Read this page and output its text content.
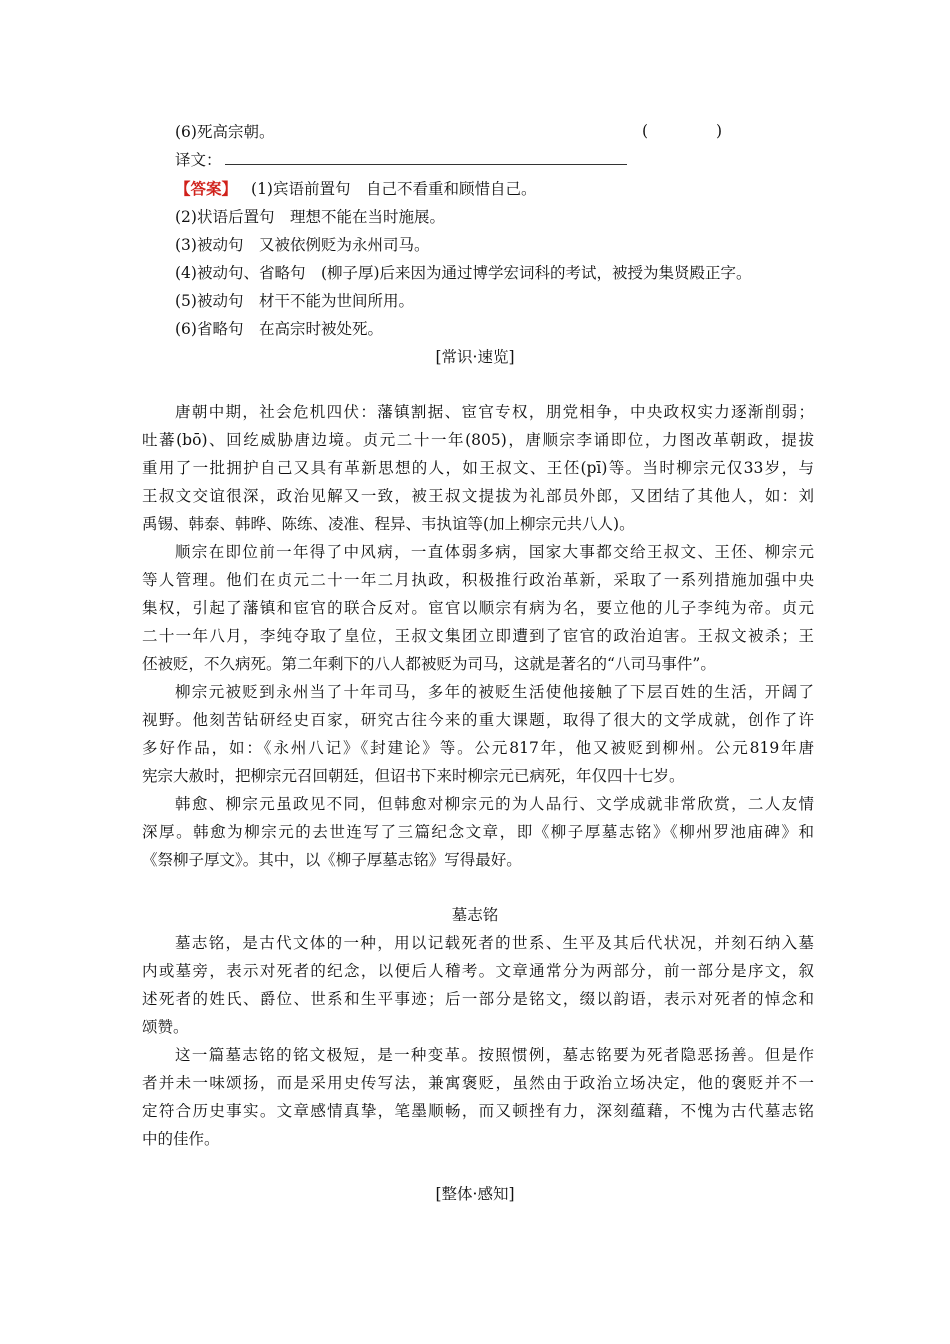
(6)死高宗朝。	(	)
译文：
【答案】 (1)宾语前置句　自己不看重和顾惜自己。
(2)状语后置句　理想不能在当时施展。
(3)被动句　又被依例贬为永州司马。
(4)被动句、省略句　(柳子厚)后来因为通过博学宏词科的考试，被授为集贤殿正字。
(5)被动句　材干不能为世间所用。
(6)省略句　在高宗时被处死。
[常识·速览]
唐朝中期，社会危机四伏：藩镇割据、宦官专权，朋党相争，中央政权实力逐渐削弱；
吐蕃(bō)、回纥威胁唐边境。贞元二十一年(805)，唐顺宗李诵即位，力图改革朝政，提拔
重用了一批拥护自己又具有革新思想的人，如王叔文、王伾(pī)等。当时柳宗元仅33岁，与
王叔文交谊很深，政治见解又一致，被王叔文提拔为礼部员外郎，又团结了其他人，如：刘
禹锡、韩泰、韩晔、陈练、凌准、程异、韦执谊等(加上柳宗元共八人)。
顺宗在即位前一年得了中风病，一直体弱多病，国家大事都交给王叔文、王伾、柳宗元
等人管理。他们在贞元二十一年二月执政，积极推行政治革新，采取了一系列措施加强中央
集权，引起了藩镇和宦官的联合反对。宦官以顺宗有病为名，要立他的儿子李纯为帝。贞元
二十一年八月，李纯夺取了皇位，王叔文集团立即遭到了宦官的政治迫害。王叔文被杀；王
伾被贬，不久病死。第二年剩下的八人都被贬为司马，这就是著名的“八司马事件”。
柳宗元被贬到永州当了十年司马，多年的被贬生活使他接触了下层百姓的生活，开阔了
视野。他刻苦钻研经史百家，研究古往今来的重大课题，取得了很大的文学成就，创作了许
多好作品，如：《永州八记》《封建论》等。公元817年，他又被贬到柳州。公元819年唐
宪宗大赦时，把柳宗元召回朝廷，但诏书下来时柳宗元已病死，年仅四十七岁。
韩愈、柳宗元虽政见不同，但韩愈对柳宗元的为人品行、文学成就非常欣赏，二人友情
深厚。韩愈为柳宗元的去世连写了三篇纪念文章，即《柳子厚墓志铭》《柳州罗池庙碑》和
《祭柳子厚文》。其中，以《柳子厚墓志铭》写得最好。
墓志铭
墓志铭，是古代文体的一种，用以记载死者的世系、生平及其后代状况，并刻石纳入墓
内或墓旁，表示对死者的纪念，以便后人稽考。文章通常分为两部分，前一部分是序文，叙
述死者的姓氏、爵位、世系和生平事迹；后一部分是铭文，缀以韵语，表示对死者的悼念和
颂赞。
这一篇墓志铭的铭文极短，是一种变革。按照惯例，墓志铭要为死者隐恶扬善。但是作
者并未一味颂扬，而是采用史传写法，兼寓褒贬，虽然由于政治立场决定，他的褒贬并不一
定符合历史事实。文章感情真挚，笔墨顺畅，而又顿挫有力，深刻蕴藉，不愧为古代墓志铭
中的佳作。
[整体·感知]
